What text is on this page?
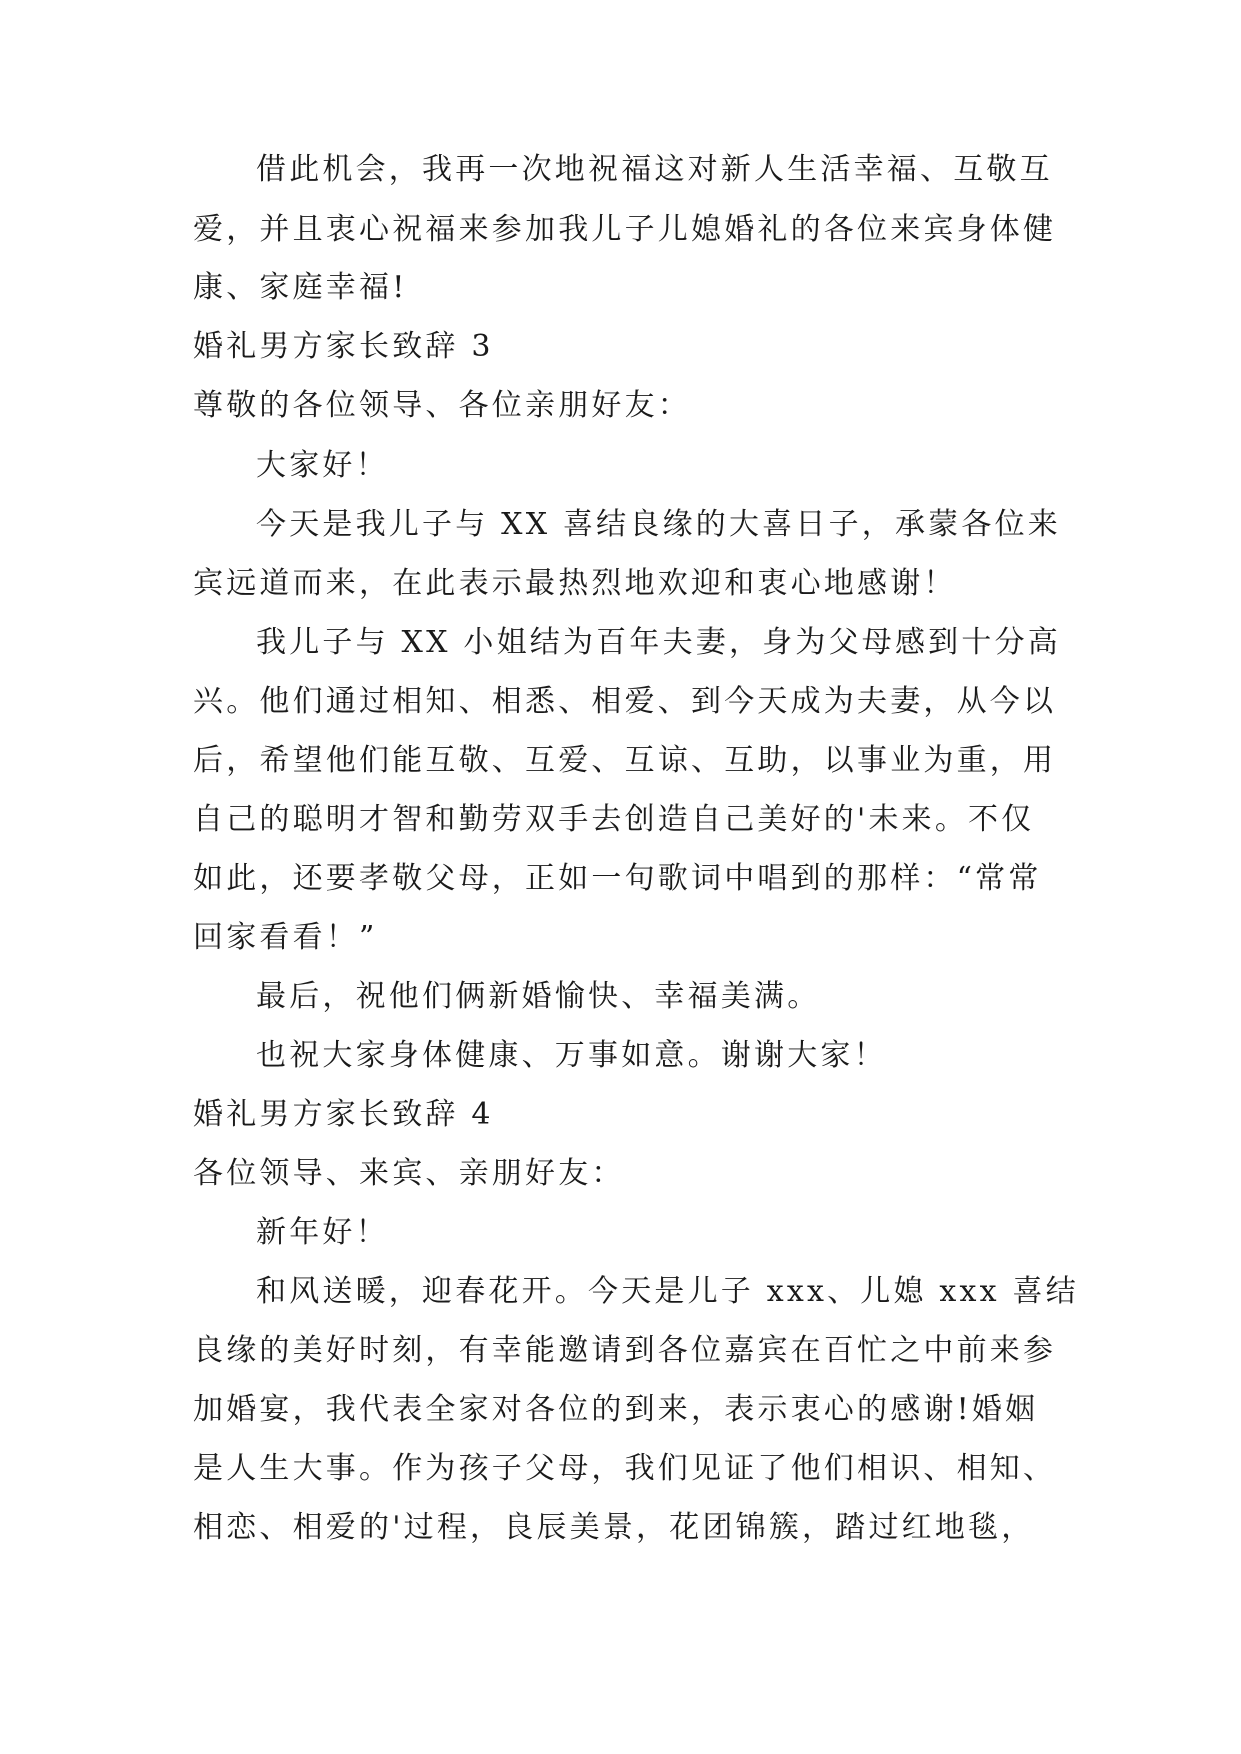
借此机会，我再一次地祝福这对新人生活幸福、互敬互
爱，并且衷心祝福来参加我儿子儿媳婚礼的各位来宾身体健
康、家庭幸福!
婚礼男方家长致辞 3
尊敬的各位领导、各位亲朋好友：
大家好！
今天是我儿子与 XX 喜结良缘的大喜日子，承蒙各位来
宾远道而来，在此表示最热烈地欢迎和衷心地感谢！
我儿子与 XX 小姐结为百年夫妻，身为父母感到十分高
兴。他们通过相知、相悉、相爱、到今天成为夫妻，从今以
后，希望他们能互敬、互爱、互谅、互助，以事业为重，用
自己的聪明才智和勤劳双手去创造自己美好的'未来。不仅
如此，还要孝敬父母，正如一句歌词中唱到的那样：“常常
回家看看！”
最后，祝他们俩新婚愉快、幸福美满。
也祝大家身体健康、万事如意。谢谢大家！
婚礼男方家长致辞 4
各位领导、来宾、亲朋好友：
新年好！
和风送暖，迎春花开。今天是儿子 xxx、儿媳 xxx 喜结
良缘的美好时刻，有幸能邀请到各位嘉宾在百忙之中前来参
加婚宴，我代表全家对各位的到来，表示衷心的感谢!婚姻
是人生大事。作为孩子父母，我们见证了他们相识、相知、
相恋、相爱的'过程，良辰美景，花团锦簇，踏过红地毯，
